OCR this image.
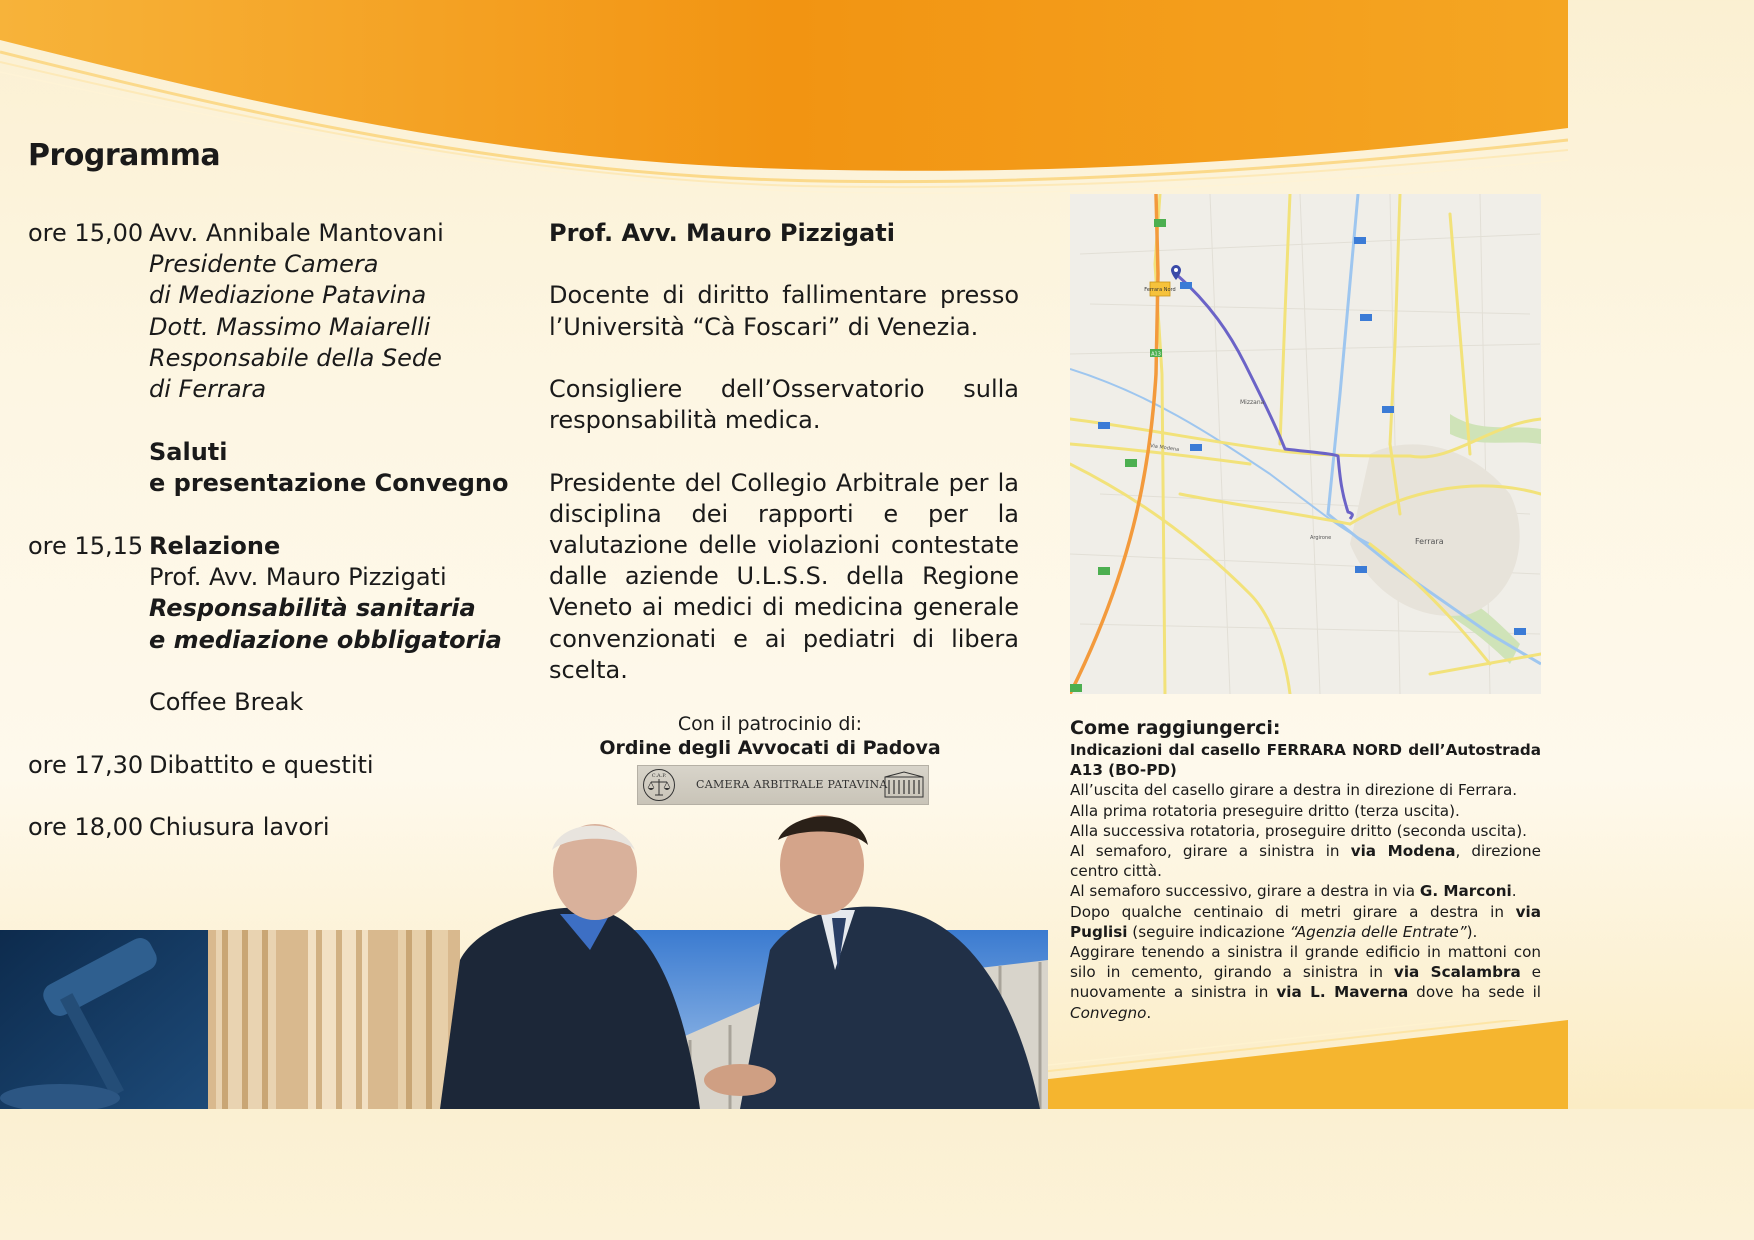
Programma
ore 15,00 Avv. Annibale Mantovani
Presidente Camera
di Mediazione Patavina
Dott. Massimo Maiarelli
Responsabile della Sede
di Ferrara
Saluti
e presentazione Convegno
ore 15,15 Relazione
Prof. Avv. Mauro Pizzigati
Responsabilità sanitaria
e mediazione obbligatoria
Coffee Break
ore 17,30 Dibattito e questiti
ore 18,00 Chiusura lavori
Prof. Avv. Mauro Pizzigati

Docente di diritto fallimentare presso l’Università “Cà Foscari” di Venezia.

Consigliere dell’Osservatorio sulla responsabilità medica.

Presidente del Collegio Arbitrale per la disciplina dei rapporti e per la valutazione delle violazioni contestate dalle aziende U.L.S.S. della Regione Veneto ai medici di medicina generale convenzionati e ai pediatri di libera scelta.

Con il patrocinio di:
Ordine degli Avvocati di Padova
C.A.P.
CAMERA ARBITRALE PATAVINA
Ferrara Nord
Ferrara
Mizzana
Argirone
Via Modena
A13
Come raggiungerci:
Indicazioni dal casello FERRARA NORD dell’Autostrada A13 (BO-PD)

All’uscita del casello girare a destra in direzione di Ferrara.

Alla prima rotatoria preseguire dritto (terza uscita).

Alla successiva rotatoria, proseguire dritto (seconda uscita).

Al semaforo, girare a sinistra in via Modena, direzione centro città.

Al semaforo successivo, girare a destra in via G. Marconi.

Dopo qualche centinaio di metri girare a destra in via Puglisi (seguire indicazione “Agenzia delle Entrate”).

Aggirare tenendo a sinistra il grande edificio in mattoni con silo in cemento, girando a sinistra in via Scalambra e nuovamente a sinistra in via L. Maverna dove ha sede il Convegno.
